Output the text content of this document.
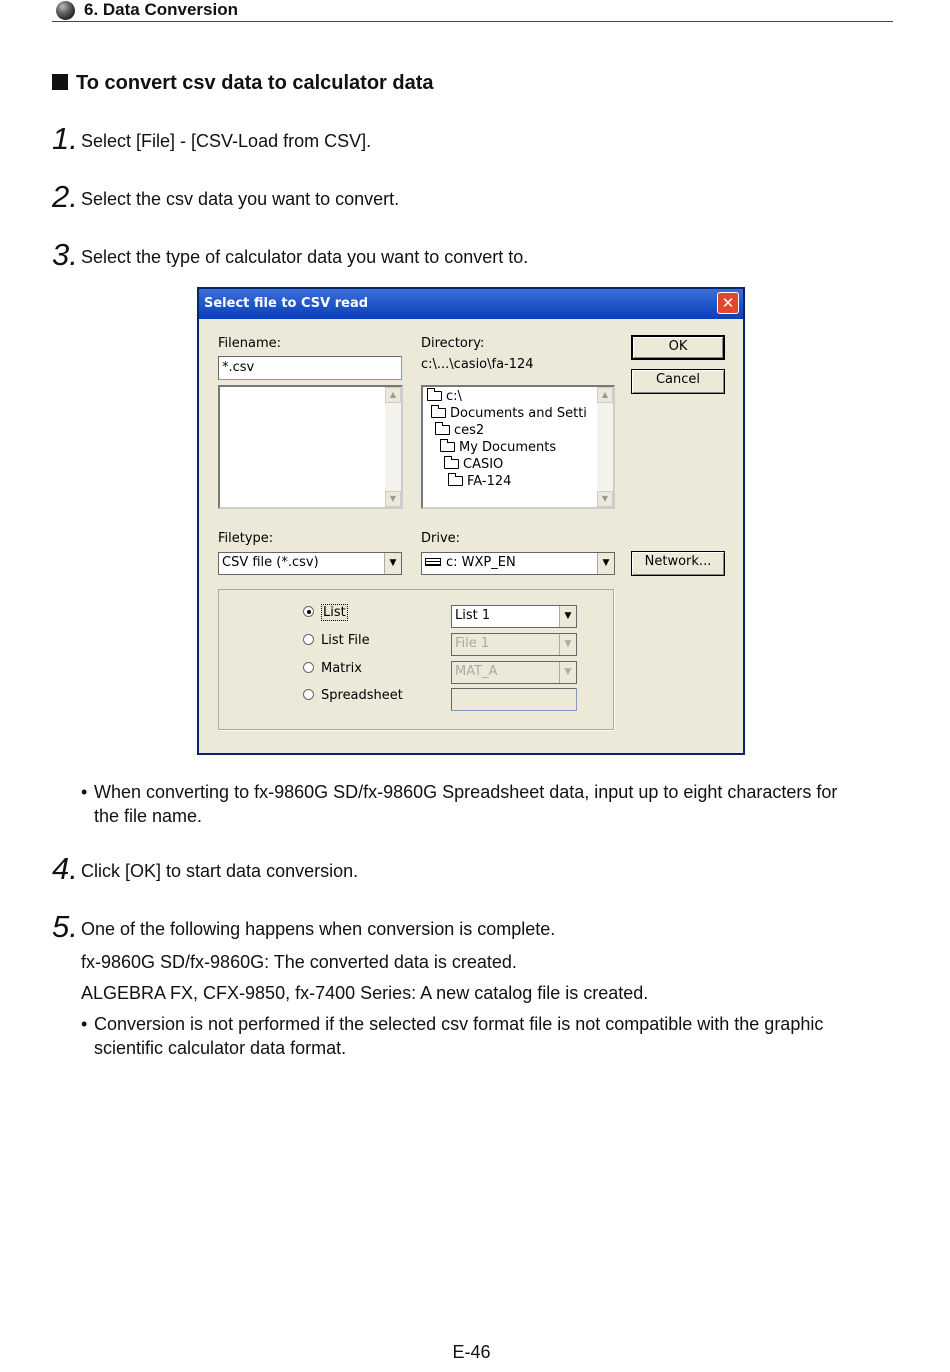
6. Data Conversion
To convert csv data to calculator data
1. Select [File] - [CSV-Load from CSV].
2. Select the csv data you want to convert.
3. Select the type of calculator data you want to convert to.
Select file to CSV read	✕
Filename:
*.csv
▲
▼
Directory:
c:\...\casio\fa-124
c:\
Documents and Setti
ces2
My Documents
CASIO
FA-124
▲
▼
OK
Cancel
Filetype:
CSV file (*.csv)	▼
Drive:
c: WXP_EN	▼	Network...
List
List File
Matrix
Spreadsheet
List 1	▼
File 1	▼
MAT_A	▼
• When converting to fx-9860G SD/fx-9860G Spreadsheet data, input up to eight characters for
the file name.
4. Click [OK] to start data conversion.
5. One of the following happens when conversion is complete.
fx-9860G SD/fx-9860G: The converted data is created.
ALGEBRA FX, CFX-9850, fx-7400 Series: A new catalog file is created.
• Conversion is not performed if the selected csv format file is not compatible with the graphic
scientific calculator data format.
E-46
